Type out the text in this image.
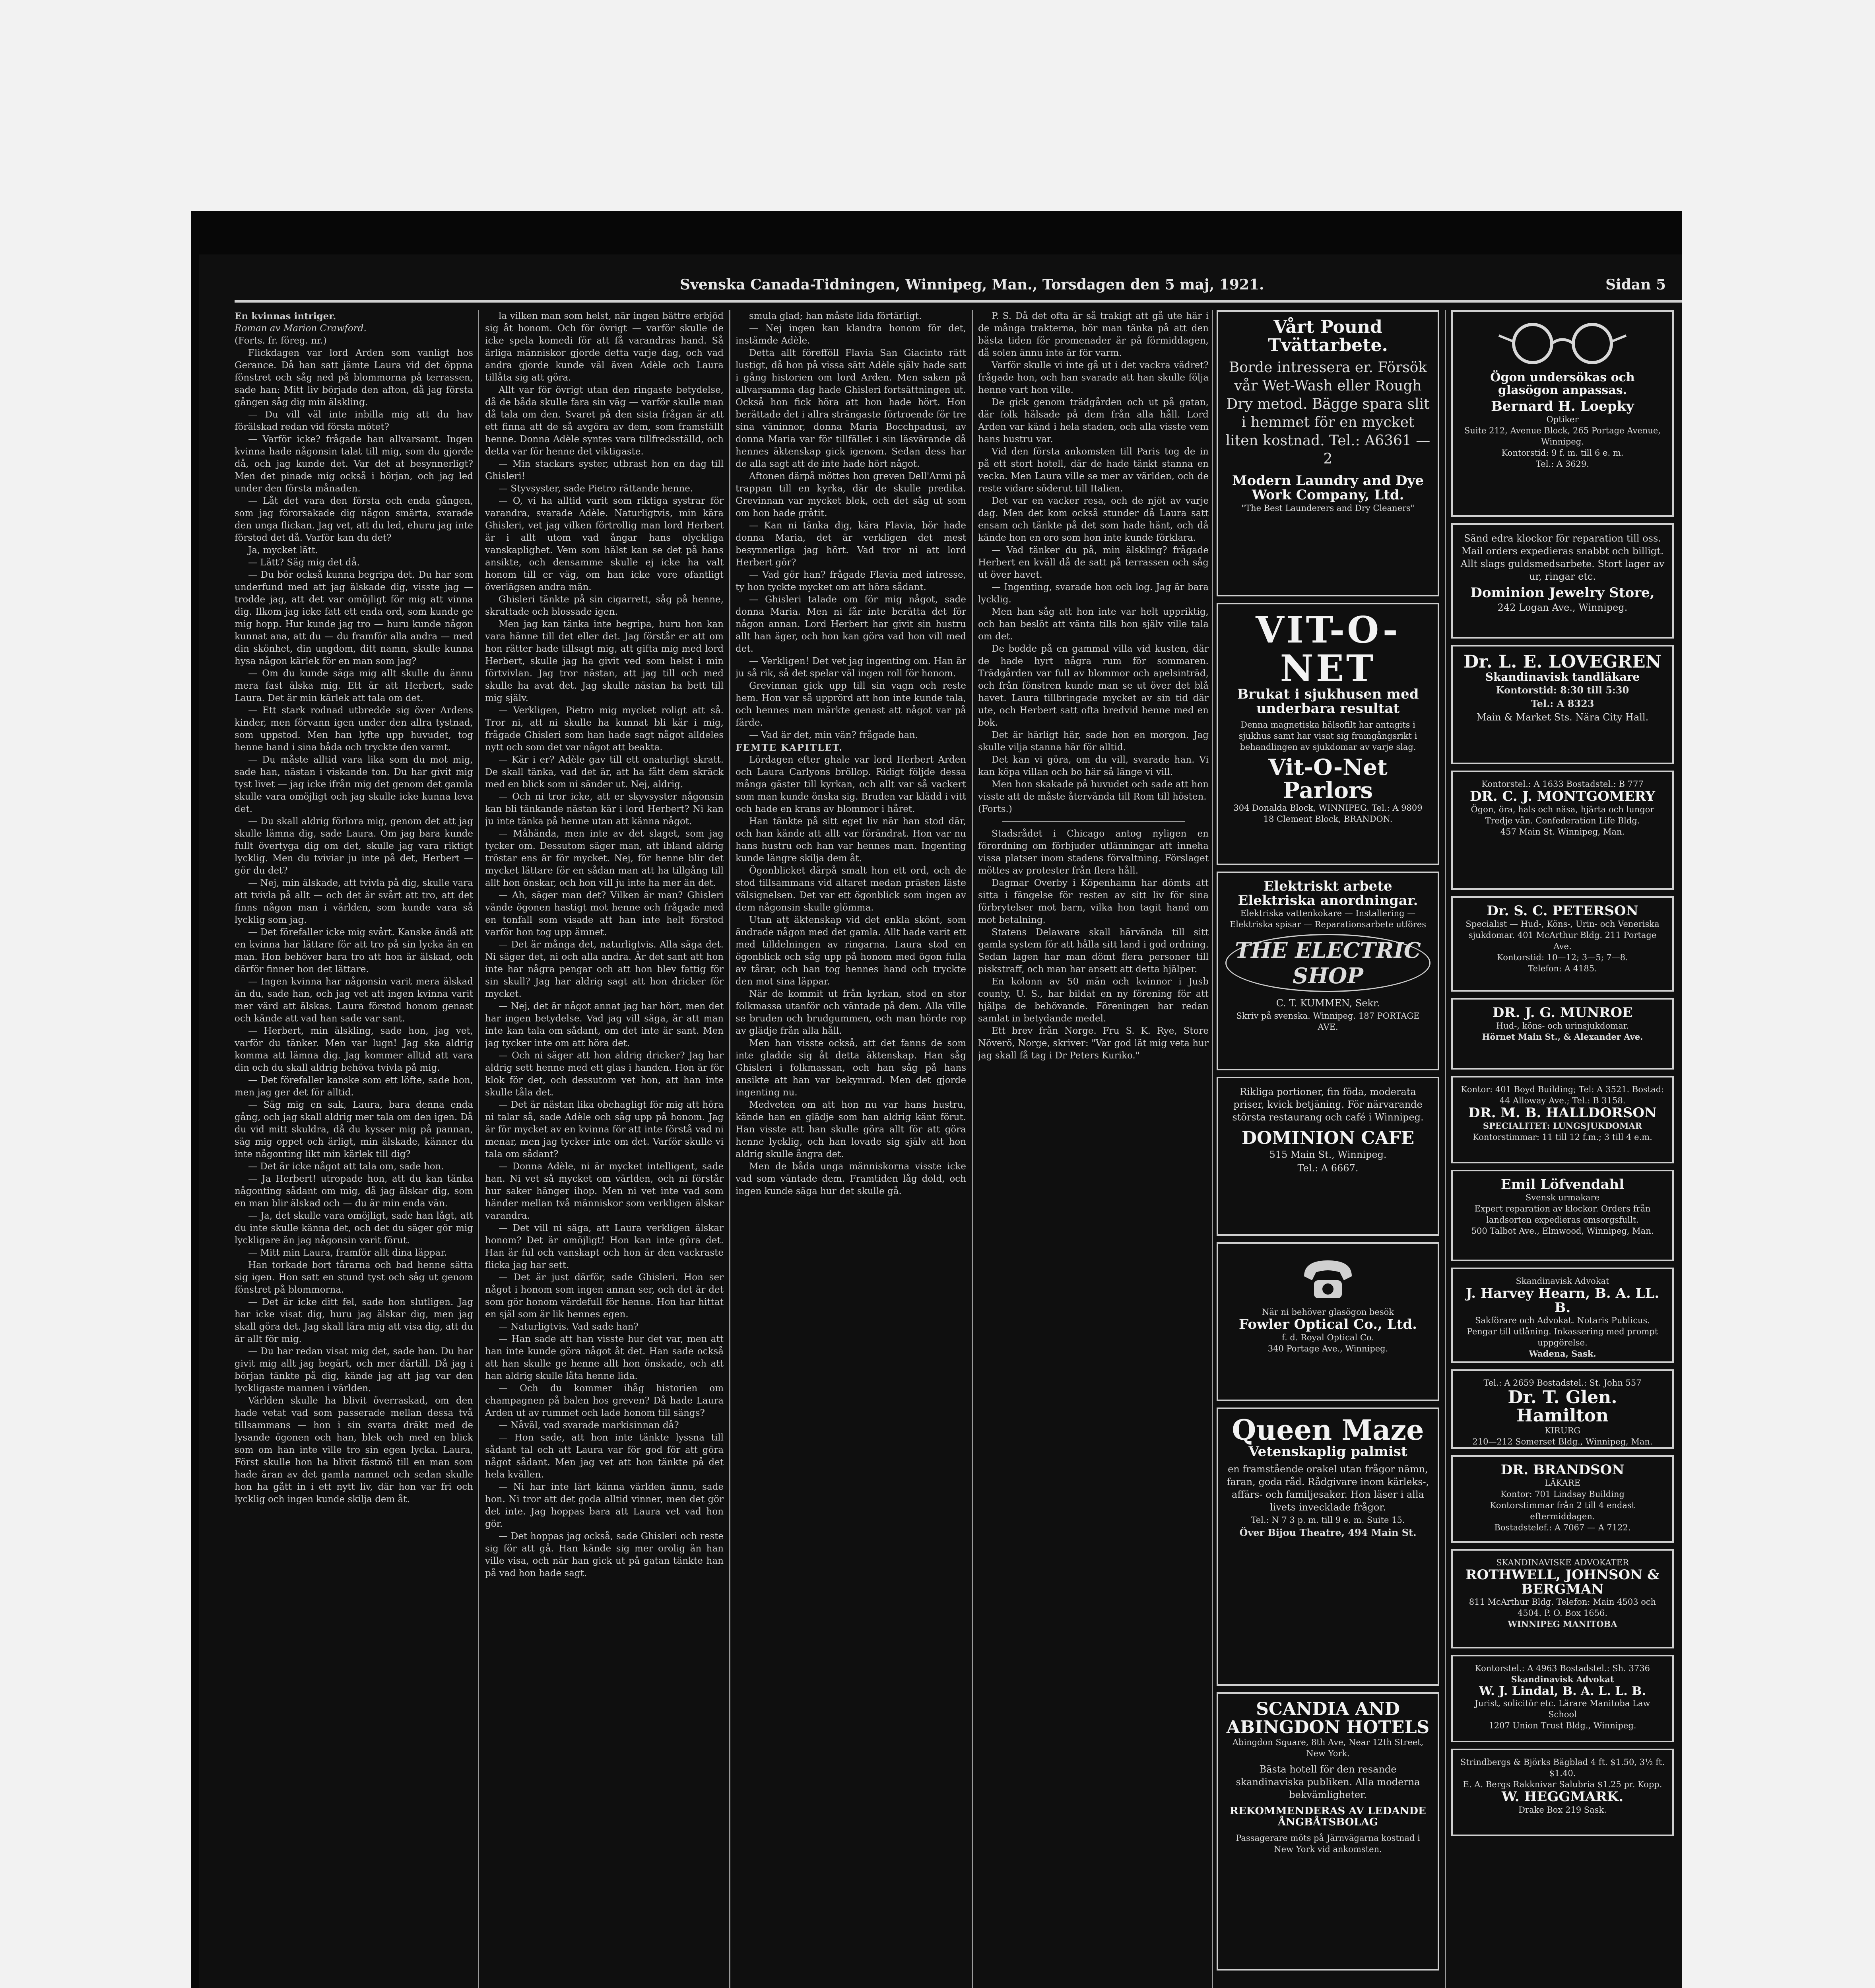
Svenska Canada-Tidningen, Winnipeg, Man., Torsdagen den 5 maj, 1921.	Sidan 5

En kvinnas intriger.

Roman av Marion Crawford.

(Forts. fr. föreg. nr.)

Flickdagen var lord Arden som vanligt hos Gerance. Då han satt jämte Laura vid det öppna fönstret och såg ned på blommorna på terrassen, sade han: Mitt liv började den afton, då jag första gången såg dig min älskling.

— Du vill väl inte inbilla mig att du hav förälskad redan vid första mötet?

— Varför icke? frågade han allvarsamt. Ingen kvinna hade någonsin talat till mig, som du gjorde då, och jag kunde det. Var det at besynnerligt? Men det pinade mig också i början, och jag led under den första månaden.

— Låt det vara den första och enda gången, som jag förorsakade dig någon smärta, svarade den unga flickan. Jag vet, att du led, ehuru jag inte förstod det då. Varför kan du det?

Ja, mycket lätt.

— Lätt? Säg mig det då.

— Du bör också kunna begripa det. Du har som underfund med att jag älskade dig, visste jag — trodde jag, att det var omöjligt för mig att vinna dig. Ilkom jag icke fatt ett enda ord, som kunde ge mig hopp. Hur kunde jag tro — huru kunde någon kunnat ana, att du — du framför alla andra — med din skönhet, din ungdom, ditt namn, skulle kunna hysa någon kärlek för en man som jag?

— Om du kunde säga mig allt skulle du ännu mera fast älska mig. Ett är att Herbert, sade Laura. Det är min kärlek att tala om det.

— Ett stark rodnad utbredde sig över Ardens kinder, men förvann igen under den allra tystnad, som uppstod. Men han lyfte upp huvudet, tog henne hand i sina båda och tryckte den varmt.

— Du måste alltid vara lika som du mot mig, sade han, nästan i viskande ton. Du har givit mig tyst livet — jag icke ifrån mig det genom det gamla skulle vara omöjligt och jag skulle icke kunna leva det.

— Du skall aldrig förlora mig, genom det att jag skulle lämna dig, sade Laura. Om jag bara kunde fullt övertyga dig om det, skulle jag vara riktigt lycklig. Men du tviviar ju inte på det, Herbert — gör du det?

— Nej, min älskade, att tvivla på dig, skulle vara att tvivla på allt — och det är svårt att tro, att det finns någon man i världen, som kunde vara så lycklig som jag.

— Det förefaller icke mig svårt. Kanske ändå att en kvinna har lättare för att tro på sin lycka än en man. Hon behöver bara tro att hon är älskad, och därför finner hon det lättare.

— Ingen kvinna har någonsin varit mera älskad än du, sade han, och jag vet att ingen kvinna varit mer värd att älskas. Laura förstod honom genast och kände att vad han sade var sant.

— Herbert, min älskling, sade hon, jag vet, varför du tänker. Men var lugn! Jag ska aldrig komma att lämna dig. Jag kommer alltid att vara din och du skall aldrig behöva tvivla på mig.

— Det förefaller kanske som ett löfte, sade hon, men jag ger det för alltid.

— Säg mig en sak, Laura, bara denna enda gång, och jag skall aldrig mer tala om den igen. Då du vid mitt skuldra, då du kysser mig på pannan, säg mig oppet och ärligt, min älskade, känner du inte någonting likt min kärlek till dig?

— Det är icke något att tala om, sade hon.

— Ja Herbert! utropade hon, att du kan tänka någonting sådant om mig, då jag älskar dig, som en man blir älskad och — du är min enda vän.

— Ja, det skulle vara omöjligt, sade han lågt, att du inte skulle känna det, och det du säger gör mig lyckligare än jag någonsin varit förut.

— Mitt min Laura, framför allt dina läppar.

Han torkade bort tårarna och bad henne sätta sig igen. Hon satt en stund tyst och såg ut genom fönstret på blommorna.

— Det är icke ditt fel, sade hon slutligen. Jag har icke visat dig, huru jag älskar dig, men jag skall göra det. Jag skall lära mig att visa dig, att du är allt för mig.

— Du har redan visat mig det, sade han. Du har givit mig allt jag begärt, och mer därtill. Då jag i början tänkte på dig, kände jag att jag var den lyckligaste mannen i världen.

Världen skulle ha blivit överraskad, om den hade vetat vad som passerade mellan dessa två tillsammans — hon i sin svarta dräkt med de lysande ögonen och han, blek och med en blick som om han inte ville tro sin egen lycka. Laura, Först skulle hon ha blivit fästmö till en man som hade äran av det gamla namnet och sedan skulle hon ha gått in i ett nytt liv, där hon var fri och lycklig och ingen kunde skilja dem åt.

la vilken man som helst, när ingen bättre erbjöd sig åt honom. Och för övrigt — varför skulle de icke spela komedi för att få varandras hand. Så ärliga människor gjorde detta varje dag, och vad andra gjorde kunde väl även Adèle och Laura tillåta sig att göra.

Allt var för övrigt utan den ringaste betydelse, då de båda skulle fara sin väg — varför skulle man då tala om den. Svaret på den sista frågan är att ett finna att de så avgöra av dem, som framställt henne. Donna Adèle syntes vara tillfredsställd, och detta var för henne det viktigaste.

— Min stackars syster, utbrast hon en dag till Ghisleri!

— Styvsyster, sade Pietro rättande henne.

— O, vi ha alltid varit som riktiga systrar för varandra, svarade Adèle. Naturligtvis, min kära Ghisleri, vet jag vilken förtrollig man lord Herbert är i allt utom vad ångar hans olyckliga vanskaplighet. Vem som hälst kan se det på hans ansikte, och densamme skulle ej icke ha valt honom till er väg, om han icke vore ofantligt överlägsen andra män.

Ghisleri tänkte på sin cigarrett, såg på henne, skrattade och blossade igen.

Men jag kan tänka inte begripa, huru hon kan vara hänne till det eller det. Jag förstår er att om hon rätter hade tillsagt mig, att gifta mig med lord Herbert, skulle jag ha givit ved som helst i min förtvivlan. Jag tror nästan, att jag till och med skulle ha avat det. Jag skulle nästan ha bett till mig själv.

— Verkligen, Pietro mig mycket roligt att så. Tror ni, att ni skulle ha kunnat bli kär i mig, frågade Ghisleri som han hade sagt något alldeles nytt och som det var något att beakta.

— Kär i er? Adèle gav till ett onaturligt skratt. De skall tänka, vad det är, att ha fått dem skräck med en blick som ni sänder ut. Nej, aldrig.

— Och ni tror icke, att er skyvsyster någonsin kan bli tänkande nästan kär i lord Herbert? Ni kan ju inte tänka på henne utan att känna något.

— Måhända, men inte av det slaget, som jag tycker om. Dessutom säger man, att ibland aldrig tröstar ens är för mycket. Nej, för henne blir det mycket lättare för en sådan man att ha tillgång till allt hon önskar, och hon vill ju inte ha mer än det.

— Ah, säger man det? Vilken är man? Ghisleri vände ögonen hastigt mot henne och frågade med en tonfall som visade att han inte helt förstod varför hon tog upp ämnet.

— Det är många det, naturligtvis. Alla säga det. Ni säger det, ni och alla andra. Är det sant att hon inte har några pengar och att hon blev fattig för sin skull? Jag har aldrig sagt att hon dricker för mycket.

— Nej, det är något annat jag har hört, men det har ingen betydelse. Vad jag vill säga, är att man inte kan tala om sådant, om det inte är sant. Men jag tycker inte om att höra det.

— Och ni säger att hon aldrig dricker? Jag har aldrig sett henne med ett glas i handen. Hon är för klok för det, och dessutom vet hon, att han inte skulle tåla det.

— Det är nästan lika obehagligt för mig att höra ni talar så, sade Adèle och såg upp på honom. Jag är för mycket av en kvinna för att inte förstå vad ni menar, men jag tycker inte om det. Varför skulle vi tala om sådant?

— Donna Adèle, ni är mycket intelligent, sade han. Ni vet så mycket om världen, och ni förstår hur saker hänger ihop. Men ni vet inte vad som händer mellan två människor som verkligen älskar varandra.

— Det vill ni säga, att Laura verkligen älskar honom? Det är omöjligt! Hon kan inte göra det. Han är ful och vanskapt och hon är den vackraste flicka jag har sett.

— Det är just därför, sade Ghisleri. Hon ser något i honom som ingen annan ser, och det är det som gör honom värdefull för henne. Hon har hittat en själ som är lik hennes egen.

— Naturligtvis. Vad sade han?

— Han sade att han visste hur det var, men att han inte kunde göra något åt det. Han sade också att han skulle ge henne allt hon önskade, och att han aldrig skulle låta henne lida.

— Och du kommer ihåg historien om champagnen på balen hos greven? Då hade Laura Arden ut av rummet och lade honom till sängs?

— Nåväl, vad svarade markisinnan då?

— Hon sade, att hon inte tänkte lyssna till sådant tal och att Laura var för god för att göra något sådant. Men jag vet att hon tänkte på det hela kvällen.

— Ni har inte lärt känna världen ännu, sade hon. Ni tror att det goda alltid vinner, men det gör det inte. Jag hoppas bara att Laura vet vad hon gör.

— Det hoppas jag också, sade Ghisleri och reste sig för att gå. Han kände sig mer orolig än han ville visa, och när han gick ut på gatan tänkte han på vad hon hade sagt.

smula glad; han måste lida förtärligt.

— Nej ingen kan klandra honom för det, instämde Adèle.

Detta allt förefföll Flavia San Giacinto rätt lustigt, då hon på vissa sätt Adèle själv hade satt i gång historien om lord Arden. Men saken på allvarsamma dag hade Ghisleri fortsättningen ut. Också hon fick höra att hon hade hört. Hon berättade det i allra strängaste förtroende för tre sina väninnor, donna Maria Bocchpadusi, av donna Maria var för tillfället i sin läsvärande då hennes äktenskap gick igenom. Sedan dess har de alla sagt att de inte hade hört något.

Aftonen därpå möttes hon greven Dell'Armi på trappan till en kyrka, där de skulle predika. Grevinnan var mycket blek, och det såg ut som om hon hade gråtit.

— Kan ni tänka dig, kära Flavia, bör hade donna Maria, det är verkligen det mest besynnerliga jag hört. Vad tror ni att lord Herbert gör?

— Vad gör han? frågade Flavia med intresse, ty hon tyckte mycket om att höra sådant.

— Ghisleri talade om för mig något, sade donna Maria. Men ni får inte berätta det för någon annan. Lord Herbert har givit sin hustru allt han äger, och hon kan göra vad hon vill med det.

— Verkligen! Det vet jag ingenting om. Han är ju så rik, så det spelar väl ingen roll för honom.

Grevinnan gick upp till sin vagn och reste hem. Hon var så upprörd att hon inte kunde tala, och hennes man märkte genast att något var på färde.

— Vad är det, min vän? frågade han.

FEMTE KAPITLET.

Lördagen efter ghale var lord Herbert Arden och Laura Carlyons bröllop. Ridigt följde dessa många gäster till kyrkan, och allt var så vackert som man kunde önska sig. Bruden var klädd i vitt och hade en krans av blommor i håret.

Han tänkte på sitt eget liv när han stod där, och han kände att allt var förändrat. Hon var nu hans hustru och han var hennes man. Ingenting kunde längre skilja dem åt.

Ögonblicket därpå smalt hon ett ord, och de stod tillsammans vid altaret medan prästen läste välsignelsen. Det var ett ögonblick som ingen av dem någonsin skulle glömma.

Utan att äktenskap vid det enkla skönt, som ändrade någon med det gamla. Allt hade varit ett med tilldelningen av ringarna. Laura stod en ögonblick och såg upp på honom med ögon fulla av tårar, och han tog hennes hand och tryckte den mot sina läppar.

När de kommit ut från kyrkan, stod en stor folkmassa utanför och väntade på dem. Alla ville se bruden och brudgummen, och man hörde rop av glädje från alla håll.

Men han visste också, att det fanns de som inte gladde sig åt detta äktenskap. Han såg Ghisleri i folkmassan, och han såg på hans ansikte att han var bekymrad. Men det gjorde ingenting nu.

Medveten om att hon nu var hans hustru, kände han en glädje som han aldrig känt förut. Han visste att han skulle göra allt för att göra henne lycklig, och han lovade sig själv att hon aldrig skulle ångra det.

Men de båda unga människorna visste icke vad som väntade dem. Framtiden låg dold, och ingen kunde säga hur det skulle gå.

P. S. Då det ofta är så trakigt att gå ute här i de många trakterna, bör man tänka på att den bästa tiden för promenader är på förmiddagen, då solen ännu inte är för varm.

Varför skulle vi inte gå ut i det vackra vädret? frågade hon, och han svarade att han skulle följa henne vart hon ville.

De gick genom trädgården och ut på gatan, där folk hälsade på dem från alla håll. Lord Arden var känd i hela staden, och alla visste vem hans hustru var.

Vid den första ankomsten till Paris tog de in på ett stort hotell, där de hade tänkt stanna en vecka. Men Laura ville se mer av världen, och de reste vidare söderut till Italien.

Det var en vacker resa, och de njöt av varje dag. Men det kom också stunder då Laura satt ensam och tänkte på det som hade hänt, och då kände hon en oro som hon inte kunde förklara.

— Vad tänker du på, min älskling? frågade Herbert en kväll då de satt på terrassen och såg ut över havet.

— Ingenting, svarade hon och log. Jag är bara lycklig.

Men han såg att hon inte var helt uppriktig, och han beslöt att vänta tills hon själv ville tala om det.

De bodde på en gammal villa vid kusten, där de hade hyrt några rum för sommaren. Trädgården var full av blommor och apelsinträd, och från fönstren kunde man se ut över det blå havet. Laura tillbringade mycket av sin tid där ute, och Herbert satt ofta bredvid henne med en bok.

Det är härligt här, sade hon en morgon. Jag skulle vilja stanna här för alltid.

Det kan vi göra, om du vill, svarade han. Vi kan köpa villan och bo här så länge vi vill.

Men hon skakade på huvudet och sade att hon visste att de måste återvända till Rom till hösten.

(Forts.)

Stadsrådet i Chicago antog nyligen en förordning om förbjuder utlänningar att inneha vissa platser inom stadens förvaltning. Förslaget möttes av protester från flera håll.

Dagmar Overby i Köpenhamn har dömts att sitta i fängelse för resten av sitt liv för sina förbrytelser mot barn, vilka hon tagit hand om mot betalning.

Statens Delaware skall härvända till sitt gamla system för att hålla sitt land i god ordning. Sedan lagen har man dömt flera personer till piskstraff, och man har ansett att detta hjälper.

En kolonn av 50 män och kvinnor i Jusb county, U. S., har bildat en ny förening för att hjälpa de behövande. Föreningen har redan samlat in betydande medel.

Ett brev från Norge. Fru S. K. Rye, Store Növerö, Norge, skriver: "Var god lät mig veta hur jag skall få tag i Dr Peters Kuriko."

Vårt Pound Tvättarbete.
Borde intressera er. Försök vår Wet-Wash eller Rough Dry metod. Bägge spara slit i hemmet för en mycket liten kostnad. Tel.: A6361 —2
Modern Laundry and Dye Work Company, Ltd.
"The Best Launderers and Dry Cleaners"
VIT-O-NET
Brukat i sjukhusen med underbara resultat
Denna magnetiska hälsofilt har antagits i sjukhus samt har visat sig framgångsrikt i behandlingen av sjukdomar av varje slag.
Vit-O-Net Parlors
304 Donalda Block, WINNIPEG. Tel.: A 9809
18 Clement Block, BRANDON.
Elektriskt arbete Elektriska anordningar.
Elektriska vattenkokare — Installering — Elektriska spisar — Reparationsarbete utföres
THE ELECTRIC SHOP
C. T. KUMMEN, Sekr.
Skriv på svenska. Winnipeg. 187 PORTAGE AVE.
Rikliga portioner, fin föda, moderata priser, kvick betjäning. För närvarande största restaurang och café i Winnipeg.
DOMINION CAFE
515 Main St., Winnipeg.
Tel.: A 6667.
När ni behöver glasögon besök
Fowler Optical Co., Ltd.
f. d. Royal Optical Co.
340 Portage Ave., Winnipeg.
Queen Maze
Vetenskaplig palmist
en framstående orakel utan frågor nämn, faran, goda råd. Rådgivare inom kärleks-, affärs- och familjesaker. Hon läser i alla livets invecklade frågor.
Tel.: N 7 3 p. m. till 9 e. m. Suite 15.
Över Bijou Theatre, 494 Main St.
SCANDIA AND ABINGDON HOTELS
Abingdon Square, 8th Ave, Near 12th Street, New York.
Bästa hotell för den resande skandinaviska publiken. Alla moderna bekvämligheter.
REKOMMENDERAS AV LEDANDE ÅNGBÅTSBOLAG
Passagerare möts på Järnvägarna kostnad i New York vid ankomsten.
Ögon undersökas och glasögon anpassas.
Bernard H. Loepky
Optiker
Suite 212, Avenue Block, 265 Portage Avenue, Winnipeg.
Kontorstid: 9 f. m. till 6 e. m.
Tel.: A 3629.
Sänd edra klockor för reparation till oss. Mail orders expedieras snabbt och billigt. Allt slags guldsmedsarbete. Stort lager av ur, ringar etc.
Dominion Jewelry Store,
242 Logan Ave., Winnipeg.
Dr. L. E. LOVEGREN
Skandinavisk tandläkare
Kontorstid: 8:30 till 5:30
Tel.: A 8323
Main & Market Sts. Nära City Hall.
Kontorstel.: A 1633 Bostadstel.: B 777
DR. C. J. MONTGOMERY
Ögon, öra, hals och näsa, hjärta och lungor
Tredje vån. Confederation Life Bldg.
457 Main St. Winnipeg, Man.
Dr. S. C. PETERSON
Specialist — Hud-, Köns-, Urin- och Veneriska sjukdomar. 401 McArthur Bldg. 211 Portage Ave.
Kontorstid: 10—12; 3—5; 7—8.
Telefon: A 4185.
DR. J. G. MUNROE
Hud-, köns- och urinsjukdomar.
Hörnet Main St., & Alexander Ave.
Kontor: 401 Boyd Building; Tel: A 3521. Bostad: 44 Alloway Ave.; Tel.: B 3158.
DR. M. B. HALLDORSON
SPECIALITET: LUNGSJUKDOMAR
Kontorstimmar: 11 till 12 f.m.; 3 till 4 e.m.
Emil Löfvendahl
Svensk urmakare
Expert reparation av klockor. Orders från landsorten expedieras omsorgsfullt.
500 Talbot Ave., Elmwood, Winnipeg, Man.
Skandinavisk Advokat
J. Harvey Hearn, B. A. LL. B.
Sakförare och Advokat. Notaris Publicus. Pengar till utlåning. Inkassering med prompt uppgörelse.
Wadena, Sask.
Tel.: A 2659 Bostadstel.: St. John 557
Dr. T. Glen. Hamilton
KIRURG
210—212 Somerset Bldg., Winnipeg, Man.
DR. BRANDSON
LÄKARE
Kontor: 701 Lindsay Building
Kontorstimmar från 2 till 4 endast eftermiddagen.
Bostadstelef.: A 7067 — A 7122.
SKANDINAVISKE ADVOKATER
ROTHWELL, JOHNSON & BERGMAN
811 McArthur Bldg. Telefon: Main 4503 och 4504. P. O. Box 1656.
WINNIPEG MANITOBA
Kontorstel.: A 4963 Bostadstel.: Sh. 3736
Skandinavisk Advokat
W. J. Lindal, B. A. L. L. B.
Jurist, solicitör etc. Lärare Manitoba Law School
1207 Union Trust Bldg., Winnipeg.
Strindbergs & Björks Bägblad 4 ft. $1.50, 3½ ft. $1.40.
E. A. Bergs Rakknivar Salubria $1.25 pr. Kopp.
W. HEGGMARK.
Drake Box 219 Sask.
